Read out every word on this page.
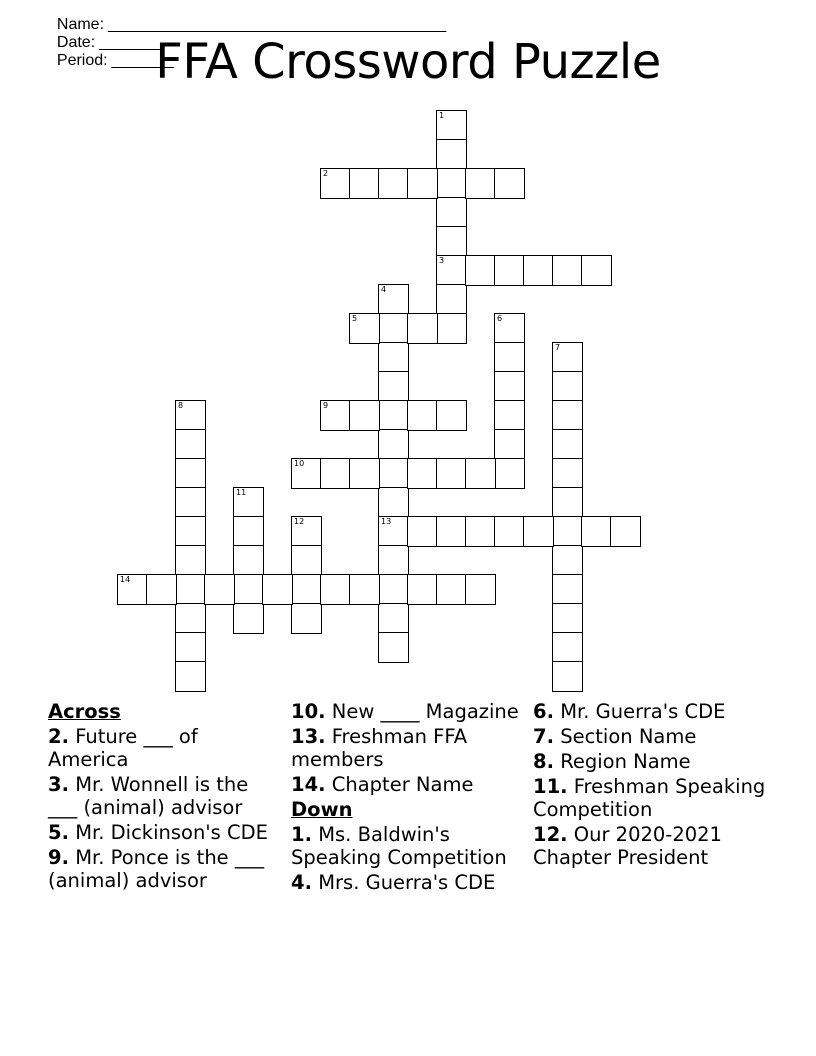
Name: ______________________________________
Date: _______
Period: _______

FFA Crossword Puzzle
1
3
2
4
13
5	6
7
8	9
10
11
12
14
Across
2. Future ___ of America
3. Mr. Wonnell is the ___ (animal) advisor
5. Mr. Dickinson's CDE
9. Mr. Ponce is the ___ (animal) advisor
10. New ____ Magazine
13. Freshman FFA members
14. Chapter Name
Down
1. Ms. Baldwin's Speaking Competition
4. Mrs. Guerra's CDE
6. Mr. Guerra's CDE
7. Section Name
8. Region Name
11. Freshman Speaking Competition
12. Our 2020-2021 Chapter President
